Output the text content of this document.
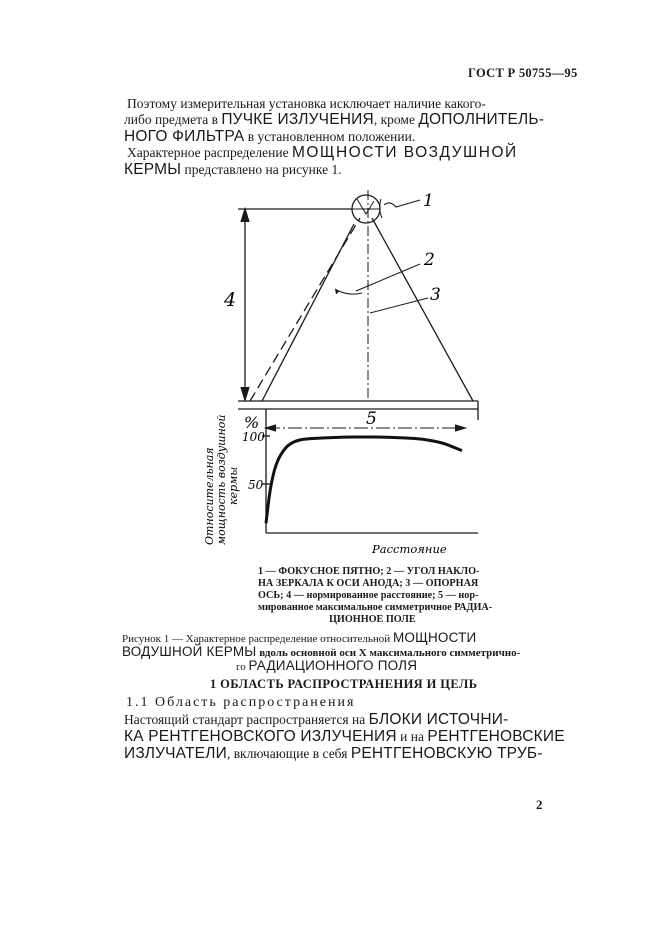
ГОСТ Р 50755—95
Поэтому измерительная установка исключает наличие какого-
либо предмета в ПУЧКЕ ИЗЛУЧЕНИЯ, кроме ДОПОЛНИТЕЛЬ-
НОГО ФИЛЬТРА в установленном положении.
Характерное распределение МОЩНОСТИ ВОЗДУШНОЙ
КЕРМЫ представлено на рисунке 1.
1
2
3
4
5
%
100
50
Расстояние
Относительная мощность воздушной кермы
1 — ФОКУСНОЕ ПЯТНО; 2 — УГОЛ НАКЛО-
НА ЗЕРКАЛА К ОСИ АНОДА; 3 — ОПОРНАЯ
ОСЬ; 4 — нормированное расстояние; 5 — нор-
мированное максимальное симметричное РАДИА-
ЦИОННОЕ ПОЛЕ
Рисунок 1 — Характерное распределение относительной МОЩНОСТИ
ВОДУШНОЙ КЕРМЫ вдоль основной оси X максимального симметрично-
го РАДИАЦИОННОГО ПОЛЯ
1 ОБЛАСТЬ РАСПРОСТРАНЕНИЯ И ЦЕЛЬ
1.1 Область распространения
Настоящий стандарт распространяется на БЛОКИ ИСТОЧНИ-
КА РЕНТГЕНОВСКОГО ИЗЛУЧЕНИЯ и на РЕНТГЕНОВСКИЕ
ИЗЛУЧАТЕЛИ, включающие в себя РЕНТГЕНОВСКУЮ ТРУБ-
2
